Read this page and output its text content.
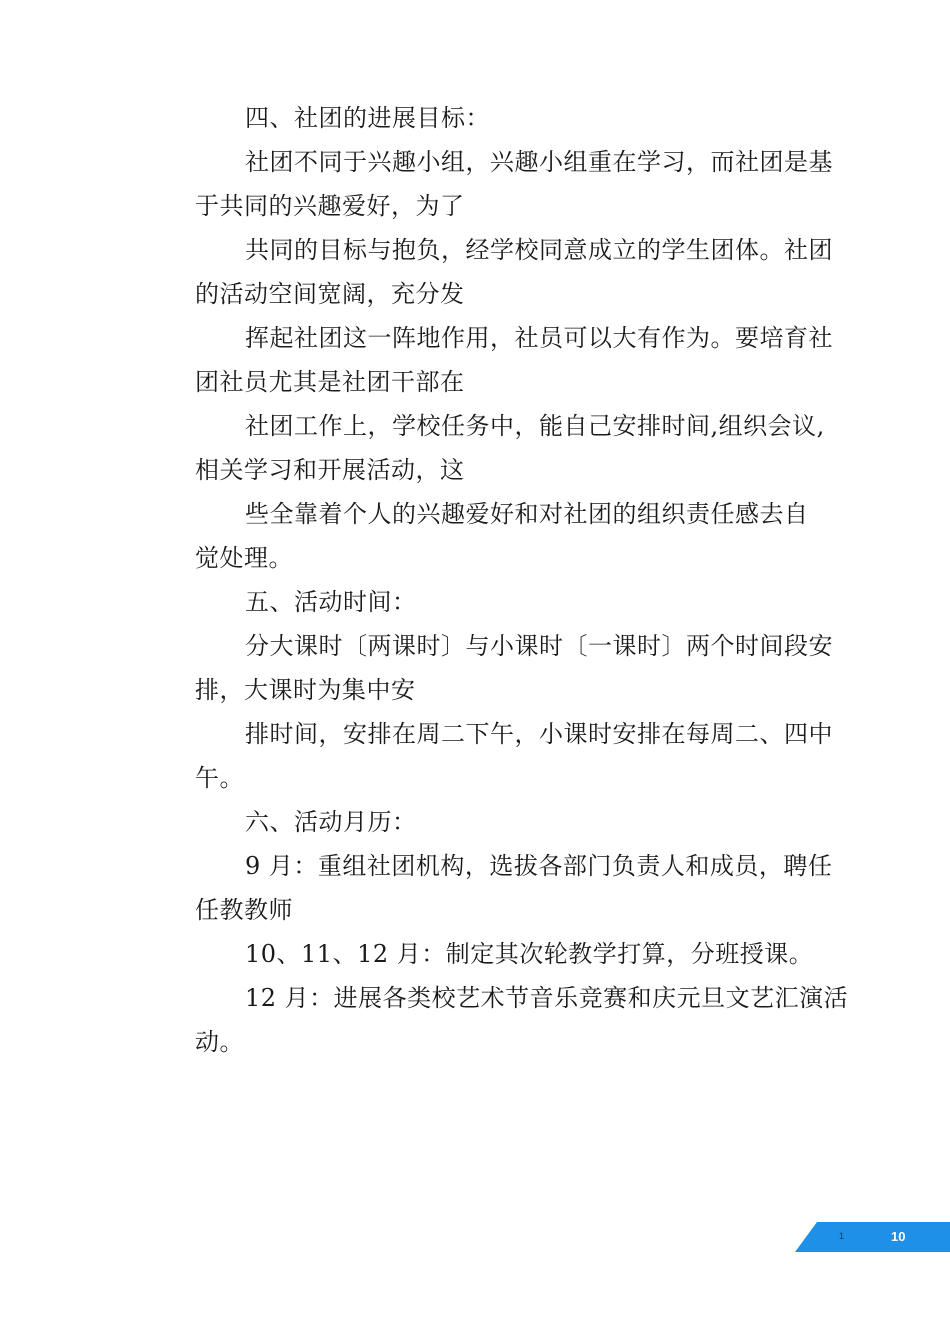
四、社团的进展目标：
社团不同于兴趣小组，兴趣小组重在学习，而社团是基
于共同的兴趣爱好，为了
共同的目标与抱负，经学校同意成立的学生团体。社团
的活动空间宽阔，充分发
挥起社团这一阵地作用，社员可以大有作为。要培育社
团社员尤其是社团干部在
社团工作上，学校任务中，能自己安排时间,组织会议,
相关学习和开展活动，这
些全靠着个人的兴趣爱好和对社团的组织责任感去自
觉处理。
五、活动时间：
分大课时〔两课时〕与小课时〔一课时〕两个时间段安
排，大课时为集中安
排时间，安排在周二下午，小课时安排在每周二、四中
午。
六、活动月历：
9 月：重组社团机构，选拔各部门负责人和成员，聘任
任教教师
10、11、12 月：制定其次轮教学打算，分班授课。
12 月：进展各类校艺术节音乐竞赛和庆元旦文艺汇演活
动。
1	10
